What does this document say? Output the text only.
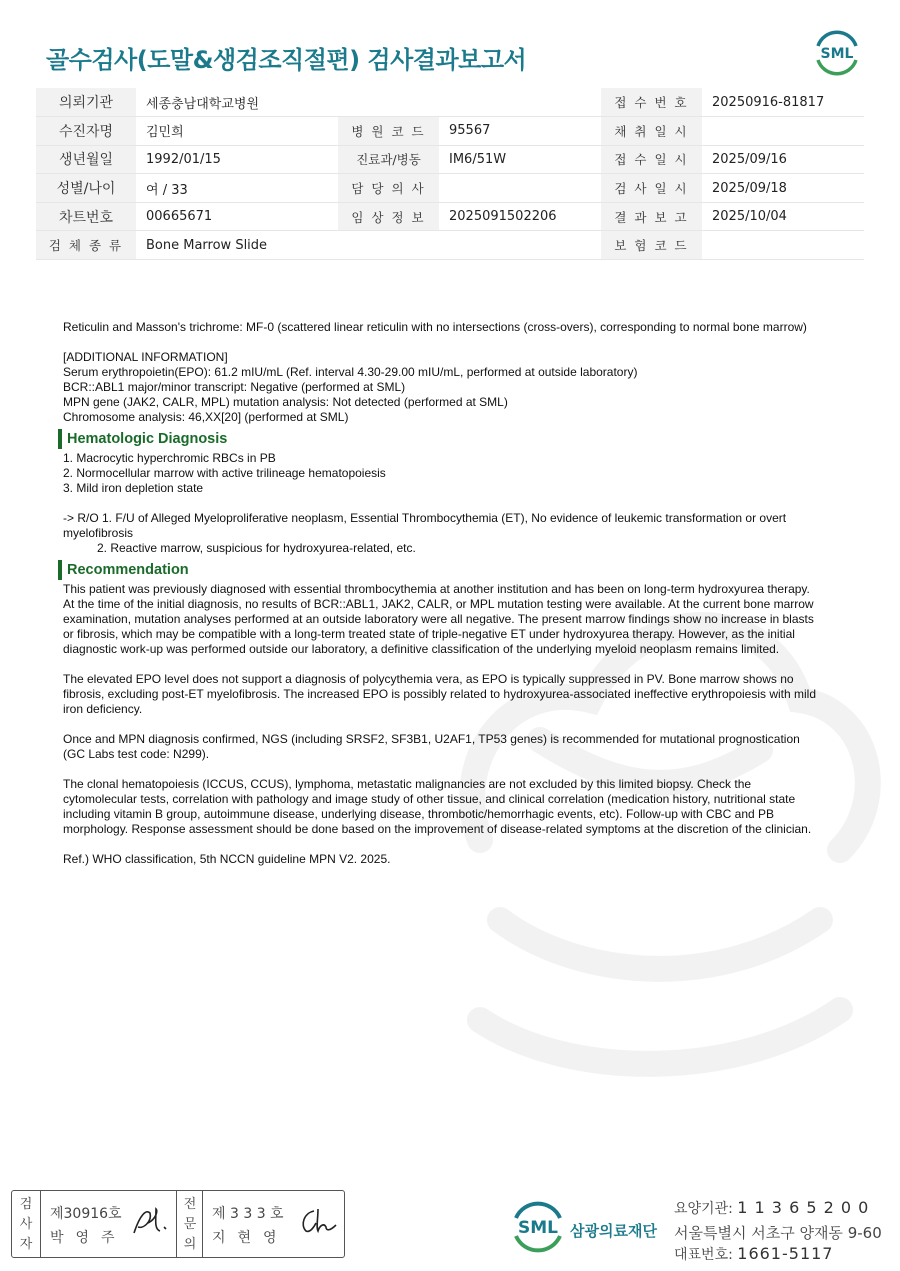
골수검사(도말&생검조직절편) 검사결과보고서	SML
의뢰기관	세종충남대학교병원			접 수 번 호	20250916-81817
수진자명	김민희	병 원 코 드	95567	채 취 일 시	
생년월일	1992/01/15	진료과/병동	IM6/51W	접 수 일 시	2025/09/16
성별/나이	여 / 33	담 당 의 사		검 사 일 시	2025/09/18
차트번호	00665671	임 상 정 보	2025091502206	결 과 보 고	2025/10/04
검 체 종 류	Bone Marrow Slide			보 험 코 드	

Reticulin and Masson's trichrome: MF-0 (scattered linear reticulin with no intersections (cross-overs), corresponding to normal bone marrow)

[ADDITIONAL INFORMATION]

Serum erythropoietin(EPO): 61.2 mIU/mL (Ref. interval 4.30-29.00 mIU/mL, performed at outside laboratory)

BCR::ABL1 major/minor transcript: Negative (performed at SML)

MPN gene (JAK2, CALR, MPL) mutation analysis: Not detected (performed at SML)

Chromosome analysis: 46,XX[20] (performed at SML)

Hematologic Diagnosis

1. Macrocytic hyperchromic RBCs in PB

2. Normocellular marrow with active trilineage hematopoiesis

3. Mild iron depletion state

-> R/O 1. F/U of Alleged Myeloproliferative neoplasm, Essential Thrombocythemia (ET), No evidence of leukemic transformation or overt myelofibrosis

2. Reactive marrow, suspicious for hydroxyurea-related, etc.

Recommendation

This patient was previously diagnosed with essential thrombocythemia at another institution and has been on long-term hydroxyurea therapy. At the time of the initial diagnosis, no results of BCR::ABL1, JAK2, CALR, or MPL mutation testing were available. At the current bone marrow examination, mutation analyses performed at an outside laboratory were all negative. The present marrow findings show no increase in blasts or fibrosis, which may be compatible with a long-term treated state of triple-negative ET under hydroxyurea therapy. However, as the initial diagnostic work-up was performed outside our laboratory, a definitive classification of the underlying myeloid neoplasm remains limited.

The elevated EPO level does not support a diagnosis of polycythemia vera, as EPO is typically suppressed in PV. Bone marrow shows no fibrosis, excluding post-ET myelofibrosis. The increased EPO is possibly related to hydroxyurea-associated ineffective erythropoiesis with mild iron deficiency.

Once and MPN diagnosis confirmed, NGS (including SRSF2, SF3B1, U2AF1, TP53 genes) is recommended for mutational prognostication (GC Labs test code: N299).

The clonal hematopoiesis (ICCUS, CCUS), lymphoma, metastatic malignancies are not excluded by this limited biopsy. Check the cytomolecular tests, correlation with pathology and image study of other tissue, and clinical correlation (medication history, nutritional state including vitamin B group, autoimmune disease, underlying disease, thrombotic/hemorrhagic events, etc). Follow-up with CBC and PB morphology. Response assessment should be done based on the improvement of disease-related symptoms at the discretion of the clinician.

Ref.) WHO classification, 5th NCCN guideline MPN V2. 2025.

검
사
자
제30916호
박영주
전
문
의
제 3 3 3 호
지현영	SML 삼광의료재단
요양기관: 1 1 3 6 5 2 0 0
서울특별시 서초구 양재동 9-60
대표번호: 1661-5117
